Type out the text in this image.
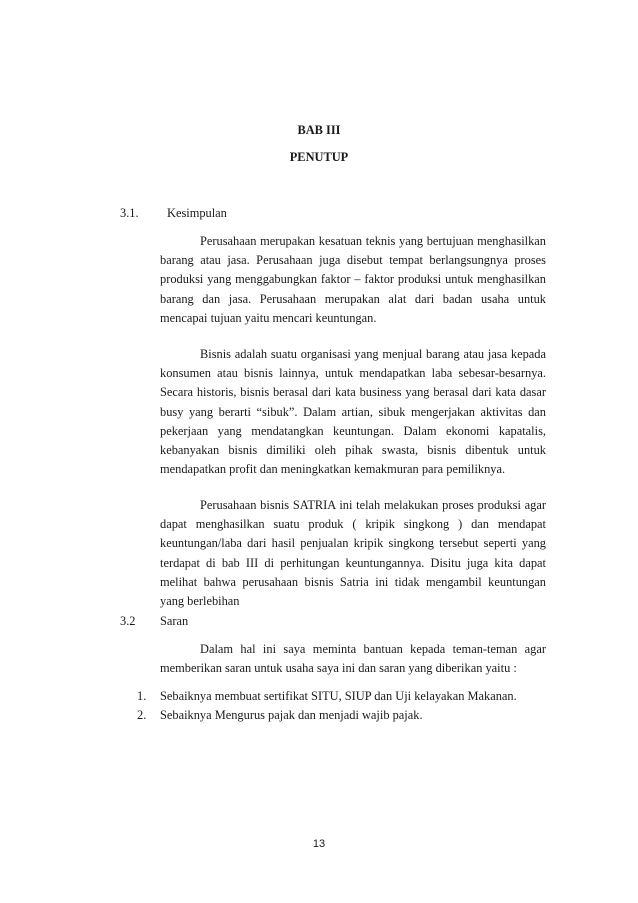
BAB III
PENUTUP
3.1. Kesimpulan

Perusahaan merupakan kesatuan teknis yang bertujuan menghasilkan barang atau jasa. Perusahaan juga disebut tempat berlangsungnya proses produksi yang menggabungkan faktor – faktor produksi untuk menghasilkan barang dan jasa. Perusahaan merupakan alat dari badan usaha untuk mencapai tujuan yaitu mencari keuntungan.

Bisnis adalah suatu organisasi yang menjual barang atau jasa kepada konsumen atau bisnis lainnya, untuk mendapatkan laba sebesar-besarnya. Secara historis, bisnis berasal dari kata business yang berasal dari kata dasar busy yang berarti “sibuk”. Dalam artian, sibuk mengerjakan aktivitas dan pekerjaan yang mendatangkan keuntungan. Dalam ekonomi kapatalis, kebanyakan bisnis dimiliki oleh pihak swasta, bisnis dibentuk untuk mendapatkan profit dan meningkatkan kemakmuran para pemiliknya.

Perusahaan bisnis SATRIA ini telah melakukan proses produksi agar dapat menghasilkan suatu produk ( kripik singkong ) dan mendapat keuntungan/laba dari hasil penjualan kripik singkong tersebut seperti yang terdapat di bab III di perhitungan keuntungannya. Disitu juga kita dapat melihat bahwa perusahaan bisnis Satria ini tidak mengambil keuntungan yang berlebihan

3.2 Saran

Dalam hal ini saya meminta bantuan kepada teman-teman agar memberikan saran untuk usaha saya ini dan saran yang diberikan yaitu :

1.	Sebaiknya membuat sertifikat SITU, SIUP dan Uji kelayakan Makanan.
2.	Sebaiknya Mengurus pajak dan menjadi wajib pajak.
13
